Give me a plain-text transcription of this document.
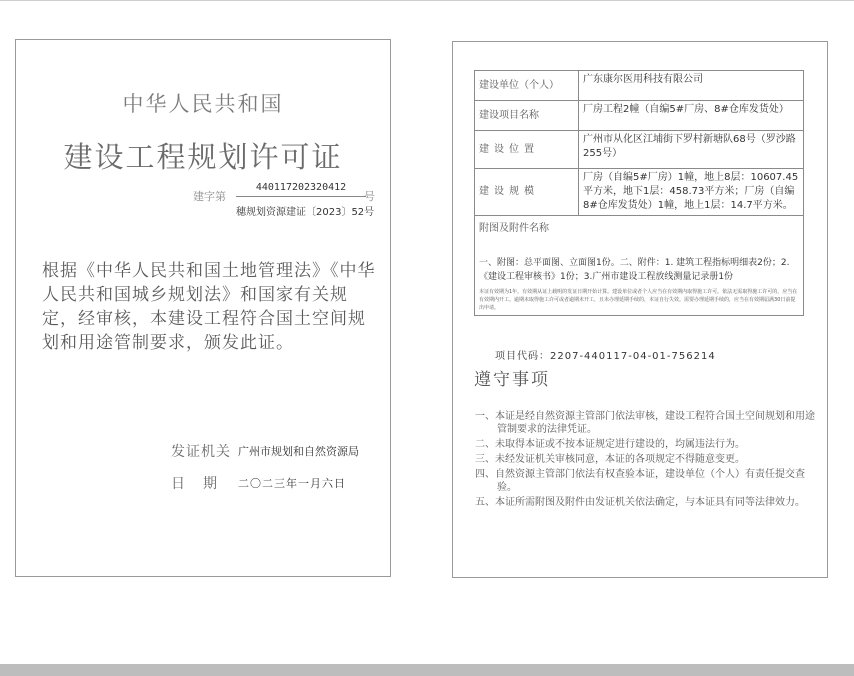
中华人民共和国
建设工程规划许可证
建字第
440117202320412
号
穗规划资源建证〔2023〕52号
根据《中华人民共和国土地管理法》《中华人民共和国城乡规划法》和国家有关规定，经审核，本建设工程符合国土空间规划和用途管制要求，颁发此证。
发证机关 广州市规划和自然资源局
日期 二〇二三年一月六日
建设单位（个人）	广东康尔医用科技有限公司
建设项目名称	厂房工程2幢（自编5#厂房、8#仓库发货处）
建设位置	广州市从化区江埔街下罗村新塘队68号（罗沙路255号）
建设规模	厂房（自编5#厂房）1幢，地上8层：10607.45平方米，地下1层：458.73平方米；厂房（自编8#仓库发货处）1幢，地上1层：14.7平方米。

附图及附件名称
一、附图：总平面图、立面图1份。二、附件：1. 建筑工程指标明细表2份；2.《建设工程审核书》1份；3.广州市建设工程放线测量记录册1份
本证有效期为1年。有效期从证上载明的发证日期开始计算。建设单位或者个人应当在有效期内取得施工许可。依法无需取得施工许可的，应当在有效期内开工。逾期未取得施工许可或者逾期未开工，且未办理延期手续的，本证自行失效。需要办理延期手续的，应当在有效期届满30日前提出申请。	
项目代码：2207-440117-04-01-756214
遵守事项
一、本证是经自然资源主管部门依法审核，建设工程符合国土空间规划和用途管制要求的法律凭证。
二、未取得本证或不按本证规定进行建设的，均属违法行为。
三、未经发证机关审核同意，本证的各项规定不得随意变更。
四、自然资源主管部门依法有权查验本证，建设单位（个人）有责任提交查验。
五、本证所需附图及附件由发证机关依法确定，与本证具有同等法律效力。
